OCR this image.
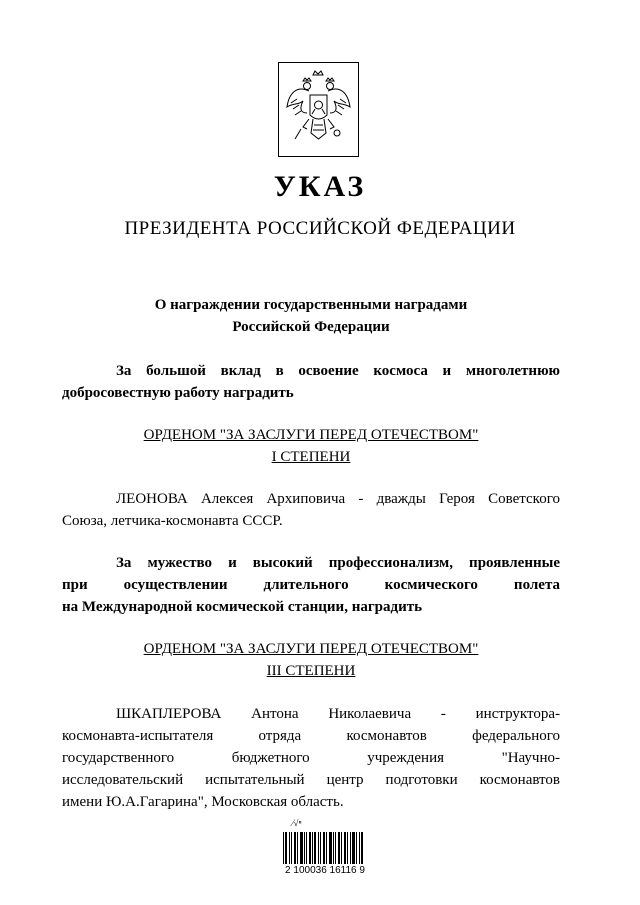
УКАЗ
ПРЕЗИДЕНТА РОССИЙСКОЙ ФЕДЕРАЦИИ
О награждении государственными наградами
Российской Федерации
За большой вклад в освоение космоса и многолетнюю
добросовестную работу наградить
ОРДЕНОМ "ЗА ЗАСЛУГИ ПЕРЕД ОТЕЧЕСТВОМ"
I СТЕПЕНИ
ЛЕОНОВА Алексея Архиповича - дважды Героя Советского
Союза, летчика-космонавта СССР.
За мужество и высокий профессионализм, проявленные
при осуществлении длительного космического полета
на Международной космической станции, наградить
ОРДЕНОМ "ЗА ЗАСЛУГИ ПЕРЕД ОТЕЧЕСТВОМ"
III СТЕПЕНИ
ШКАПЛЕРОВА Антона Николаевича - инструктора-
космонавта-испытателя отряда космонавтов федерального
государственного бюджетного учреждения "Научно-
исследовательский испытательный центр подготовки космонавтов
имени Ю.А.Гагарина", Московская область.
⁄√ⁿ
2 100036 16116 9
